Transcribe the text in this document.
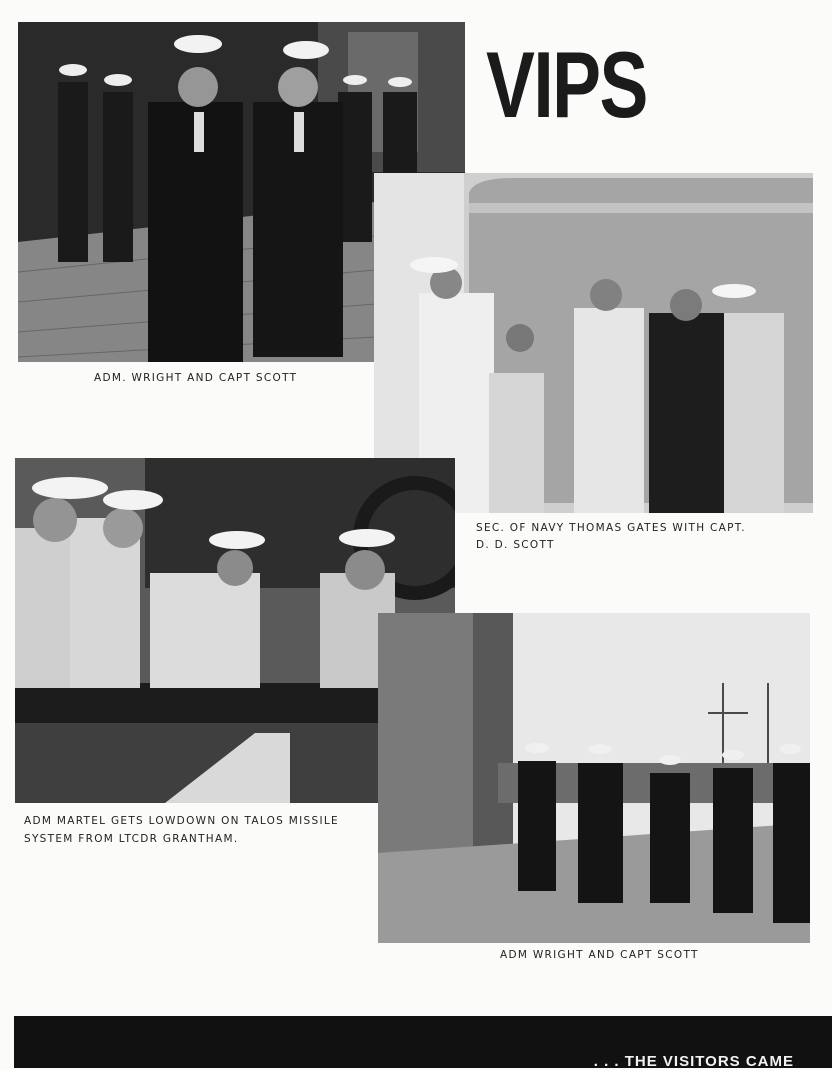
VIPS
ADM. WRIGHT AND CAPT SCOTT
SEC. OF NAVY THOMAS GATES WITH CAPT.
D. D. SCOTT
ADM MARTEL GETS LOWDOWN ON TALOS MISSILE
SYSTEM FROM LTCDR GRANTHAM.
ADM WRIGHT AND CAPT SCOTT
. . . THE VISITORS CAME
